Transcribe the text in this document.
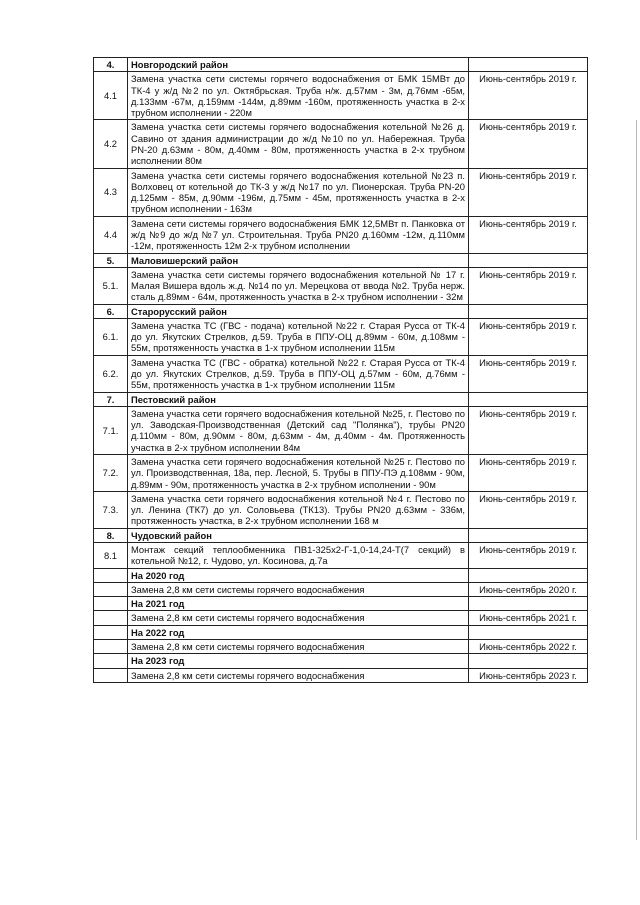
4.	Новгородский район	
4.1	Замена участка сети системы горячего водоснабжения от БМК 15МВт до ТК-4 у ж/д №2 по ул. Октябрьская. Труба н/ж. д.57мм - 3м, д.76мм -65м, д.133мм -67м, д.159мм -144м, д.89мм -160м, протяженность участка в 2-х трубном исполнении - 220м	Июнь-сентябрь 2019 г.
4.2	Замена участка сети системы горячего водоснабжения котельной №26 д. Савино от здания администрации до ж/д №10 по ул. Набережная. Труба PN-20 д.63мм - 80м, д.40мм - 80м, протяженность участка в 2-х трубном исполнении 80м	Июнь-сентябрь 2019 г.
4.3	Замена участка сети системы горячего водоснабжения котельной №23 п. Волховец от котельной до ТК-3 у ж/д №17 по ул. Пионерская. Труба PN-20 д.125мм - 85м, д.90мм -196м, д.75мм - 45м, протяженность участка в 2-х трубном исполнении - 163м	Июнь-сентябрь 2019 г.
4.4	Замена сети системы горячего водоснабжения БМК 12,5МВт п. Панковка от ж/д №9 до ж/д №7 ул. Строительная. Труба PN20 д.160мм -12м, д.110мм -12м, протяженность 12м 2-х трубном исполнении	Июнь-сентябрь 2019 г.
5.	Маловишерский район	
5.1.	Замена участка сети системы горячего водоснабжения котельной № 17 г. Малая Вишера вдоль ж.д. №14 по ул. Мерецкова от ввода №2. Труба нерж. сталь д.89мм - 64м, протяженность участка в 2-х трубном исполнении - 32м	Июнь-сентябрь 2019 г.
6.	Старорусский район	
6.1.	Замена участка ТС (ГВС - подача) котельной №22 г. Старая Русса от ТК-4 до ул. Якутских Стрелков, д.59. Труба в ППУ-ОЦ д.89мм - 60м, д.108мм - 55м, протяженность участка в 1-х трубном исполнении 115м	Июнь-сентябрь 2019 г.
6.2.	Замена участка ТС (ГВС - обратка) котельной №22 г. Старая Русса от ТК-4 до ул. Якутских Стрелков, д.59. Труба в ППУ-ОЦ д.57мм - 60м, д.76мм - 55м, протяженность участка в 1-х трубном исполнении 115м	Июнь-сентябрь 2019 г.
7.	Пестовский район	
7.1.	Замена участка сети горячего водоснабжения котельной №25, г. Пестово по ул. Заводская-Производственная (Детский сад "Полянка"), трубы PN20 д.110мм - 80м, д.90мм - 80м, д.63мм - 4м, д.40мм - 4м. Протяженность участка в 2-х трубном исполнении 84м	Июнь-сентябрь 2019 г.
7.2.	Замена участка сети горячего водоснабжения котельной №25 г. Пестово по ул. Производственная, 18а, пер. Лесной, 5. Трубы в ППУ-ПЭ д.108мм - 90м, д.89мм - 90м, протяженность участка в 2-х трубном исполнении - 90м	Июнь-сентябрь 2019 г.
7.3.	Замена участка сети горячего водоснабжения котельной №4 г. Пестово по ул. Ленина (ТК7) до ул. Соловьева (ТК13). Трубы PN20 д.63мм - 336м, протяженность участка, в 2-х трубном исполнении 168 м	Июнь-сентябрь 2019 г.
8.	Чудовский район	
8.1	Монтаж секций теплообменника ПВ1-325х2-Г-1,0-14,24-Т(7 секций) в котельной №12, г. Чудово, ул. Косинова, д.7а	Июнь-сентябрь 2019 г.
	На 2020 год	
	Замена 2,8 км сети системы горячего водоснабжения	Июнь-сентябрь 2020 г.
	На 2021 год	
	Замена 2,8 км сети системы горячего водоснабжения	Июнь-сентябрь 2021 г.
	На 2022 год	
	Замена 2,8 км сети системы горячего водоснабжения	Июнь-сентябрь 2022 г.
	На 2023 год	
	Замена 2,8 км сети системы горячего водоснабжения	Июнь-сентябрь 2023 г.
